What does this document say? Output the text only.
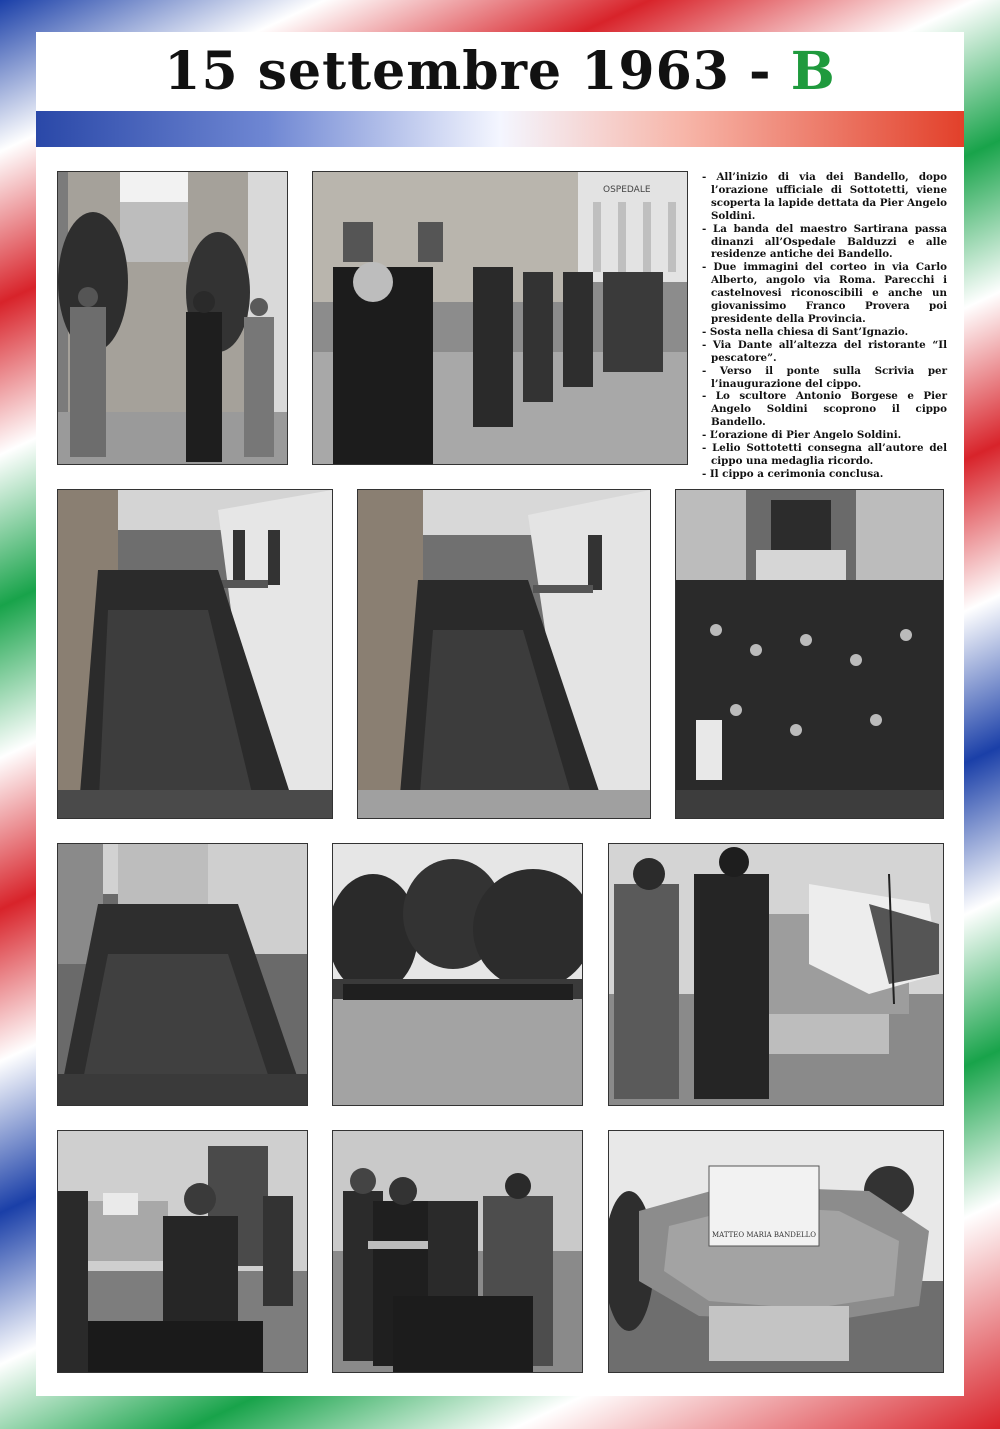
15 settembre 1963 - B
OSPEDALE
- All’inizio di via dei Bandello, dopo l’orazione ufficiale di Sottotetti, viene scoperta la lapide dettata da Pier Angelo Soldini.
- La banda del maestro Sartirana passa dinanzi all’Ospedale Balduzzi e alle residenze antiche dei Bandello.
- Due immagini del corteo in via Carlo Alberto, angolo via Roma. Parecchi i castelnovesi riconoscibili e anche un giovanissimo Franco Provera poi presidente della Provincia.
- Sosta nella chiesa di Sant’Ignazio.
- Via Dante all’altezza del ristorante “Il pescatore”.
- Verso il ponte sulla Scrivia per l’inaugurazione del cippo.
- Lo scultore Antonio Borgese e Pier Angelo Soldini scoprono il cippo Bandello.
- L’orazione di Pier Angelo Soldini.
- Lelio Sottotetti consegna all’autore del cippo una medaglia ricordo.
- Il cippo a cerimonia conclusa.
MATTEO MARIA BANDELLO
